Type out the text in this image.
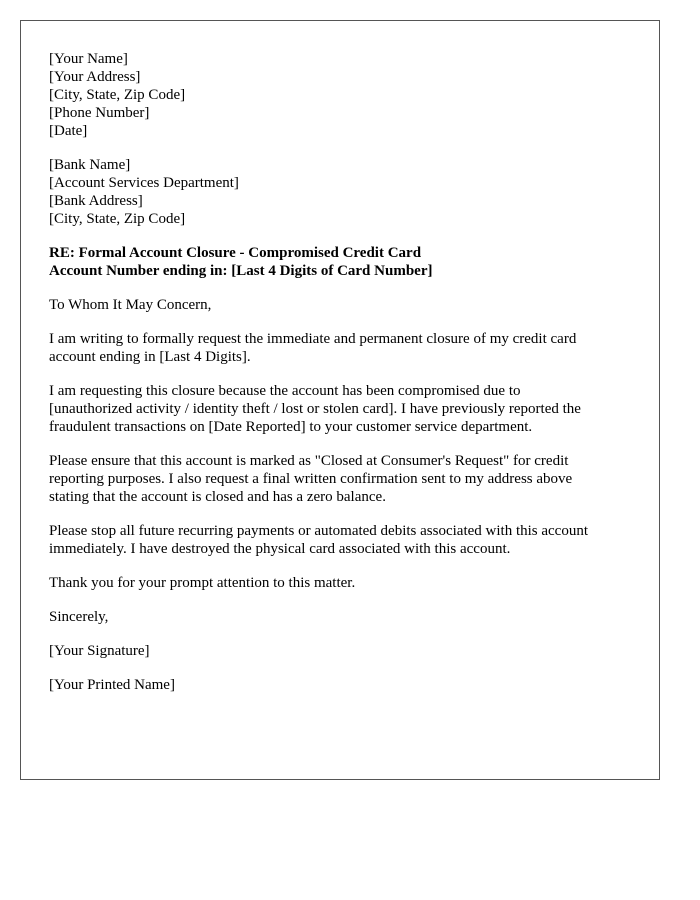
[Your Name]
[Your Address]
[City, State, Zip Code]
[Phone Number]
[Date]
[Bank Name]
[Account Services Department]
[Bank Address]
[City, State, Zip Code]
RE: Formal Account Closure - Compromised Credit Card
Account Number ending in: [Last 4 Digits of Card Number]

To Whom It May Concern,

I am writing to formally request the immediate and permanent closure of my credit card
account ending in [Last 4 Digits].
I am requesting this closure because the account has been compromised due to
[unauthorized activity / identity theft / lost or stolen card]. I have previously reported the
fraudulent transactions on [Date Reported] to your customer service department.
Please ensure that this account is marked as "Closed at Consumer's Request" for credit
reporting purposes. I also request a final written confirmation sent to my address above
stating that the account is closed and has a zero balance.
Please stop all future recurring payments or automated debits associated with this account
immediately. I have destroyed the physical card associated with this account.
Thank you for your prompt attention to this matter.

Sincerely,

[Your Signature]

[Your Printed Name]
